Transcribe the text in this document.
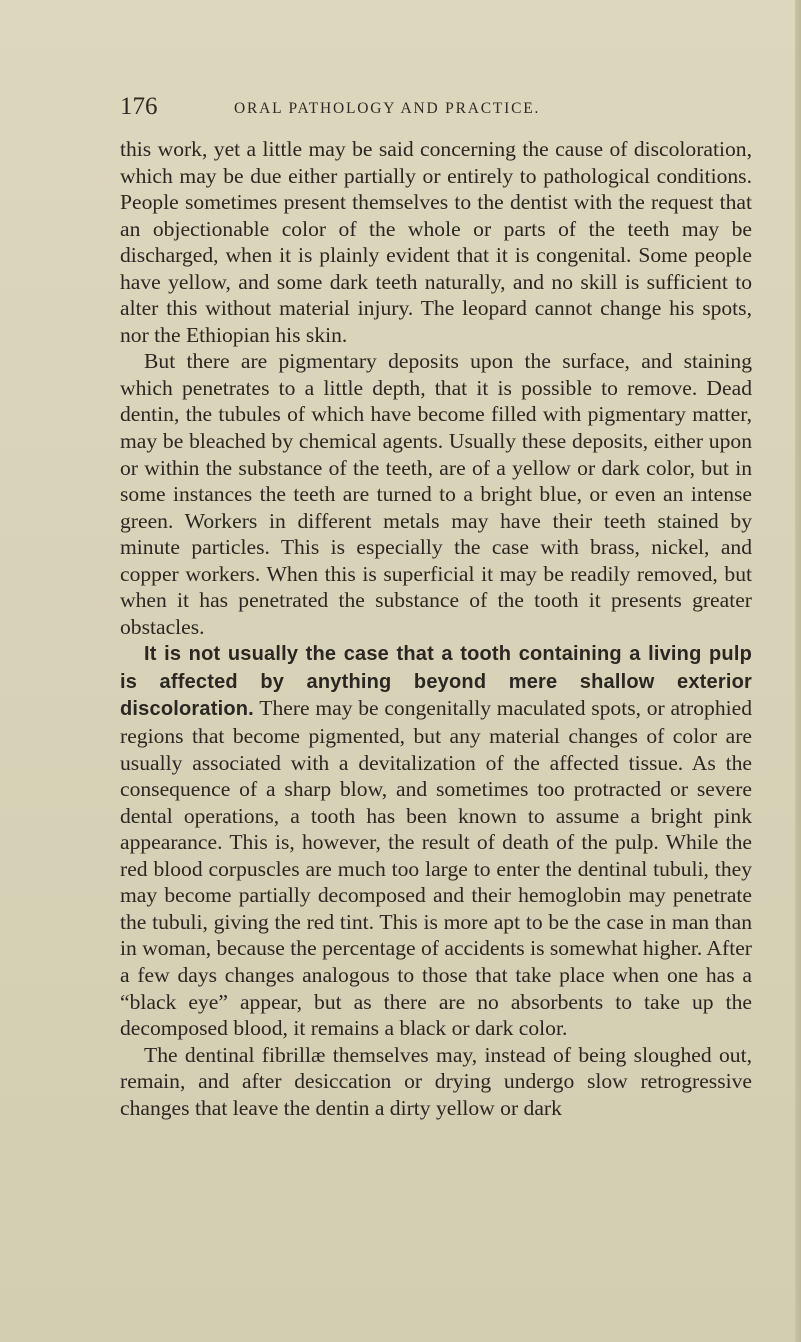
176	ORAL PATHOLOGY AND PRACTICE.

this work, yet a little may be said concerning the cause of discoloration, which may be due either partially or entirely to pathological conditions. People sometimes present themselves to the dentist with the request that an objectionable color of the whole or parts of the teeth may be discharged, when it is plainly evident that it is congenital. Some people have yellow, and some dark teeth naturally, and no skill is sufficient to alter this without material injury. The leopard cannot change his spots, nor the Ethiopian his skin.

But there are pigmentary deposits upon the surface, and staining which penetrates to a little depth, that it is possible to remove. Dead dentin, the tubules of which have become filled with pigmentary matter, may be bleached by chemical agents. Usually these deposits, either upon or within the substance of the teeth, are of a yellow or dark color, but in some instances the teeth are turned to a bright blue, or even an intense green. Workers in different metals may have their teeth stained by minute particles. This is especially the case with brass, nickel, and copper workers. When this is superficial it may be readily removed, but when it has penetrated the substance of the tooth it presents greater obstacles.

It is not usually the case that a tooth containing a living pulp is affected by anything beyond mere shallow exterior discoloration. There may be congenitally maculated spots, or atrophied regions that become pigmented, but any material changes of color are usually associated with a devitalization of the affected tissue. As the consequence of a sharp blow, and sometimes too protracted or severe dental operations, a tooth has been known to assume a bright pink appearance. This is, however, the result of death of the pulp. While the red blood corpuscles are much too large to enter the dentinal tubuli, they may become partially decomposed and their hemoglobin may penetrate the tubuli, giving the red tint. This is more apt to be the case in man than in woman, because the percentage of accidents is somewhat higher. After a few days changes analogous to those that take place when one has a “black eye” appear, but as there are no absorbents to take up the decomposed blood, it remains a black or dark color.

The dentinal fibrillæ themselves may, instead of being sloughed out, remain, and after desiccation or drying undergo slow retrogressive changes that leave the dentin a dirty yellow or dark
